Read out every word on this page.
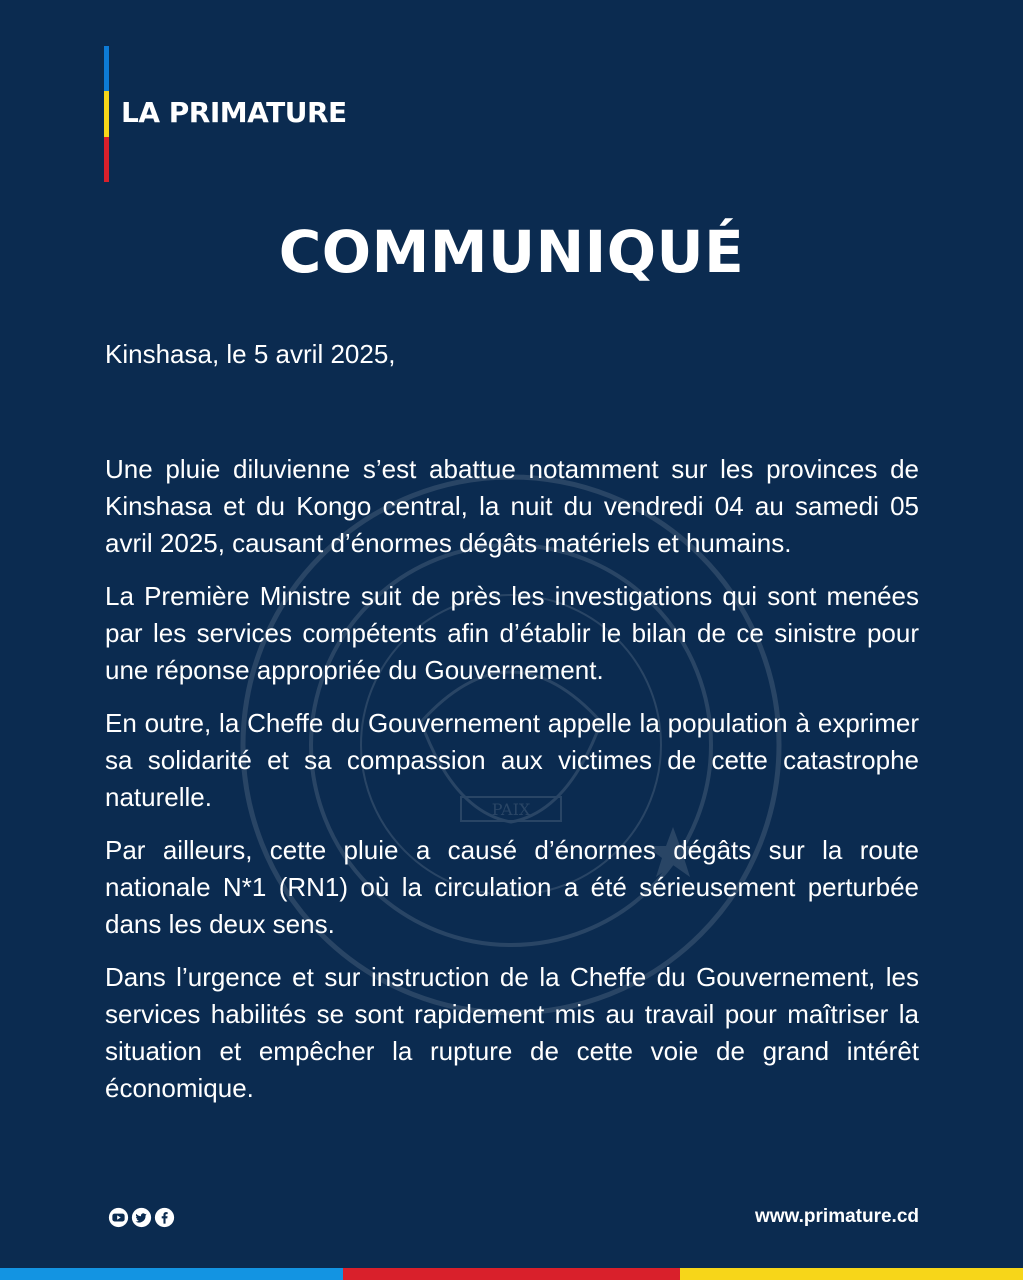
PAIX
LA PRIMATURE
COMMUNIQUÉ

Kinshasa, le 5 avril 2025,

Une pluie diluvienne s’est abattue notamment sur les provinces de Kinshasa et du Kongo central, la nuit du vendredi 04 au samedi 05 avril 2025, causant d’énormes dégâts matériels et humains.

La Première Ministre suit de près les investigations qui sont menées par les services compétents afin d’établir le bilan de ce sinistre pour une réponse appropriée du Gouvernement.

En outre, la Cheffe du Gouvernement appelle la population à exprimer sa solidarité et sa compassion aux victimes de cette catastrophe naturelle.

Par ailleurs, cette pluie a causé d’énormes dégâts sur la route nationale N*1 (RN1) où la circulation a été sérieusement perturbée dans les deux sens.

Dans l’urgence et sur instruction de la Cheffe du Gouvernement, les services habilités se sont rapidement mis au travail pour maîtriser la situation et empêcher la rupture de cette voie de grand intérêt économique.

www.primature.cd
